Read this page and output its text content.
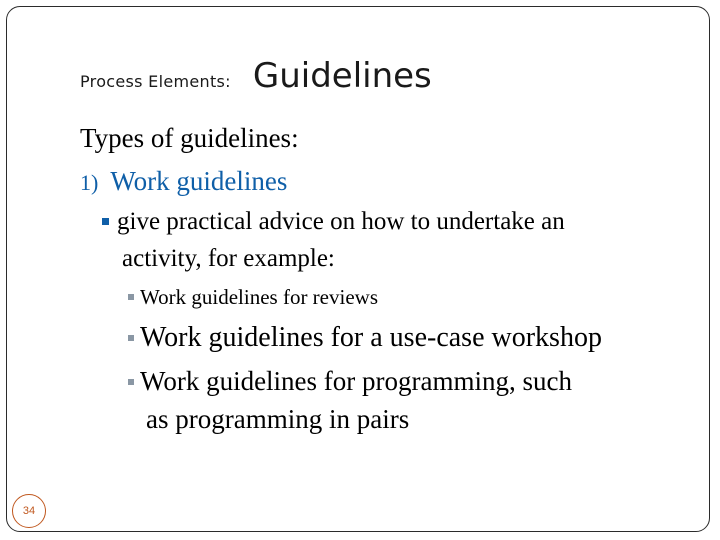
Process Elements: Guidelines
Types of guidelines:
1) Work guidelines
give practical advice on how to undertake an
activity, for example:
Work guidelines for reviews
Work guidelines for a use-case workshop
Work guidelines for programming, such
as programming in pairs
34
